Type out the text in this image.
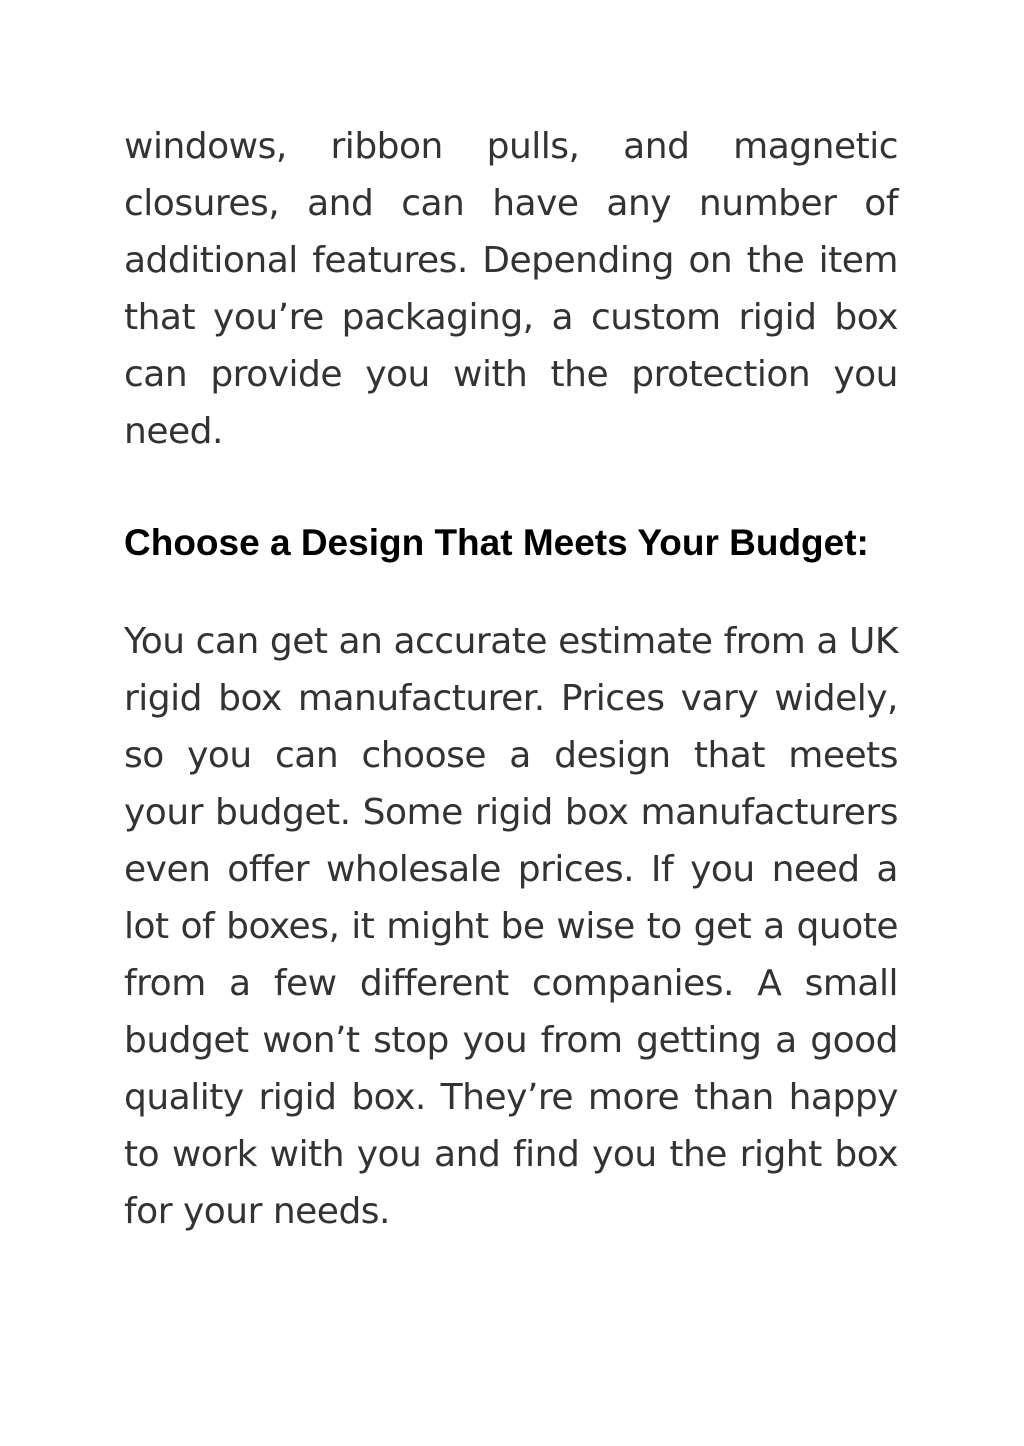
windows, ribbon pulls, and magnetic closures, and can have any number of additional features. Depending on the item that you’re packaging, a custom rigid box can provide you with the protection you need.

Choose a Design That Meets Your Budget:

You can get an accurate estimate from a UK rigid box manufacturer. Prices vary widely, so you can choose a design that meets your budget. Some rigid box manufacturers even offer wholesale prices. If you need a lot of boxes, it might be wise to get a quote from a few different companies. A small budget won’t stop you from getting a good quality rigid box. They’re more than happy to work with you and find you the right box for your needs.
